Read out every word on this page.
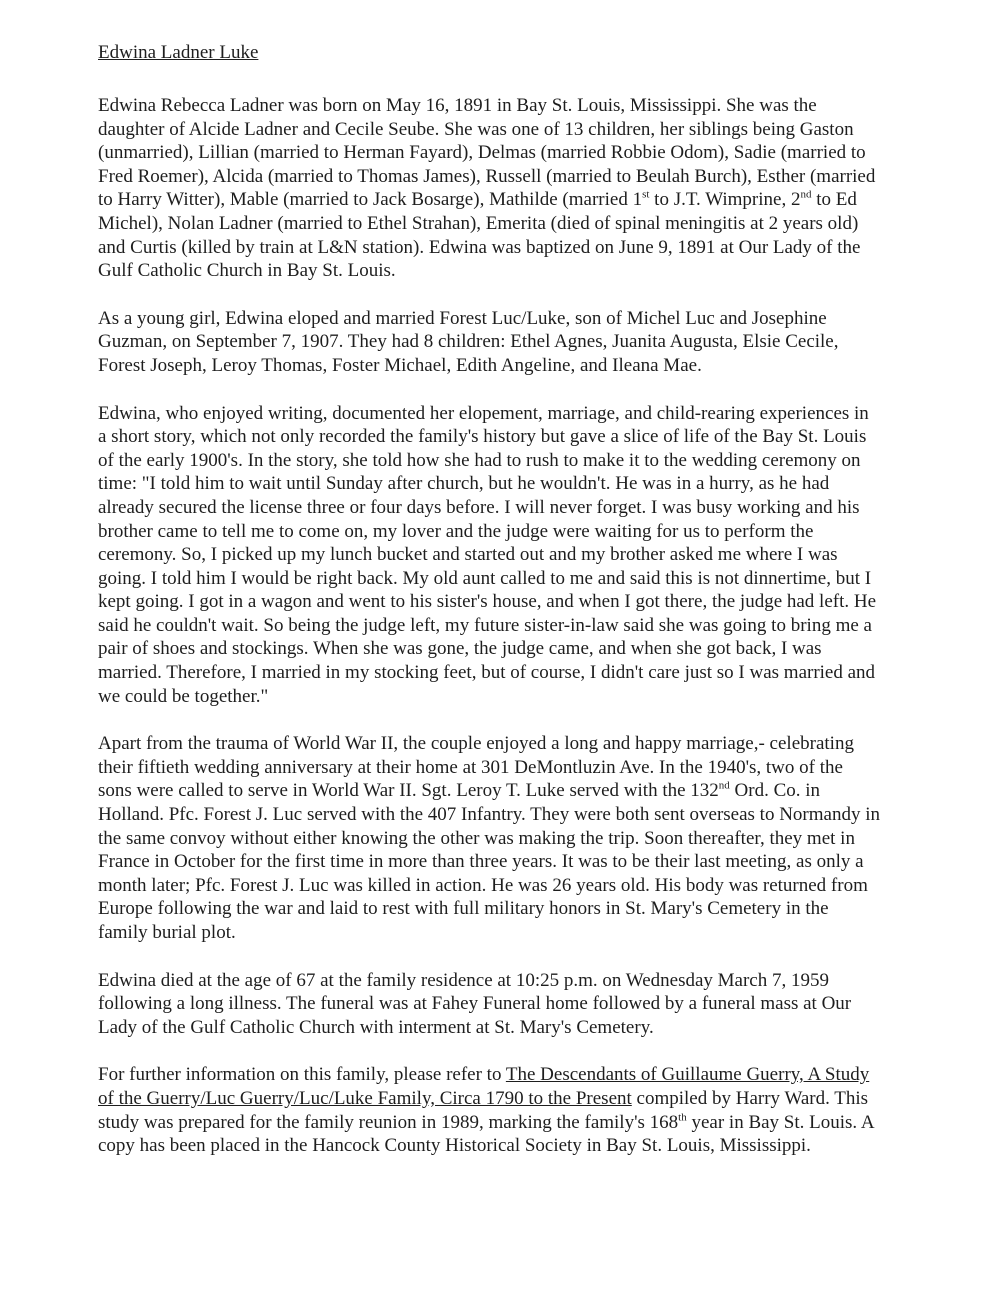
Edwina Ladner Luke

Edwina Rebecca Ladner was born on May 16, 1891 in Bay St. Louis, Mississippi. She was the daughter of Alcide Ladner and Cecile Seube. She was one of 13 children, her siblings being Gaston (unmarried), Lillian (married to Herman Fayard), Delmas (married Robbie Odom), Sadie (married to Fred Roemer), Alcida (married to Thomas James), Russell (married to Beulah Burch), Esther (married to Harry Witter), Mable (married to Jack Bosarge), Mathilde (married 1st to J.T. Wimprine, 2nd to Ed Michel), Nolan Ladner (married to Ethel Strahan), Emerita (died of spinal meningitis at 2 years old) and Curtis (killed by train at L&N station). Edwina was baptized on June 9, 1891 at Our Lady of the Gulf Catholic Church in Bay St. Louis.

As a young girl, Edwina eloped and married Forest Luc/Luke, son of Michel Luc and Josephine Guzman, on September 7, 1907. They had 8 children: Ethel Agnes, Juanita Augusta, Elsie Cecile, Forest Joseph, Leroy Thomas, Foster Michael, Edith Angeline, and Ileana Mae.

Edwina, who enjoyed writing, documented her elopement, marriage, and child-rearing experiences in a short story, which not only recorded the family's history but gave a slice of life of the Bay St. Louis of the early 1900's. In the story, she told how she had to rush to make it to the wedding ceremony on time: "I told him to wait until Sunday after church, but he wouldn't. He was in a hurry, as he had already secured the license three or four days before. I will never forget. I was busy working and his brother came to tell me to come on, my lover and the judge were waiting for us to perform the ceremony. So, I picked up my lunch bucket and started out and my brother asked me where I was going. I told him I would be right back. My old aunt called to me and said this is not dinnertime, but I kept going. I got in a wagon and went to his sister's house, and when I got there, the judge had left. He said he couldn't wait. So being the judge left, my future sister-in-law said she was going to bring me a pair of shoes and stockings. When she was gone, the judge came, and when she got back, I was married. Therefore, I married in my stocking feet, but of course, I didn't care just so I was married and we could be together."

Apart from the trauma of World War II, the couple enjoyed a long and happy marriage,- celebrating their fiftieth wedding anniversary at their home at 301 DeMontluzin Ave. In the 1940's, two of the sons were called to serve in World War II. Sgt. Leroy T. Luke served with the 132nd Ord. Co. in Holland. Pfc. Forest J. Luc served with the 407 Infantry. They were both sent overseas to Normandy in the same convoy without either knowing the other was making the trip. Soon thereafter, they met in France in October for the first time in more than three years. It was to be their last meeting, as only a month later; Pfc. Forest J. Luc was killed in action. He was 26 years old. His body was returned from Europe following the war and laid to rest with full military honors in St. Mary's Cemetery in the family burial plot.

Edwina died at the age of 67 at the family residence at 10:25 p.m. on Wednesday March 7, 1959 following a long illness. The funeral was at Fahey Funeral home followed by a funeral mass at Our Lady of the Gulf Catholic Church with interment at St. Mary's Cemetery.

For further information on this family, please refer to The Descendants of Guillaume Guerry, A Study of the Guerry/Luc Guerry/Luc/Luke Family, Circa 1790 to the Present compiled by Harry Ward. This study was prepared for the family reunion in 1989, marking the family's 168th year in Bay St. Louis. A copy has been placed in the Hancock County Historical Society in Bay St. Louis, Mississippi.
